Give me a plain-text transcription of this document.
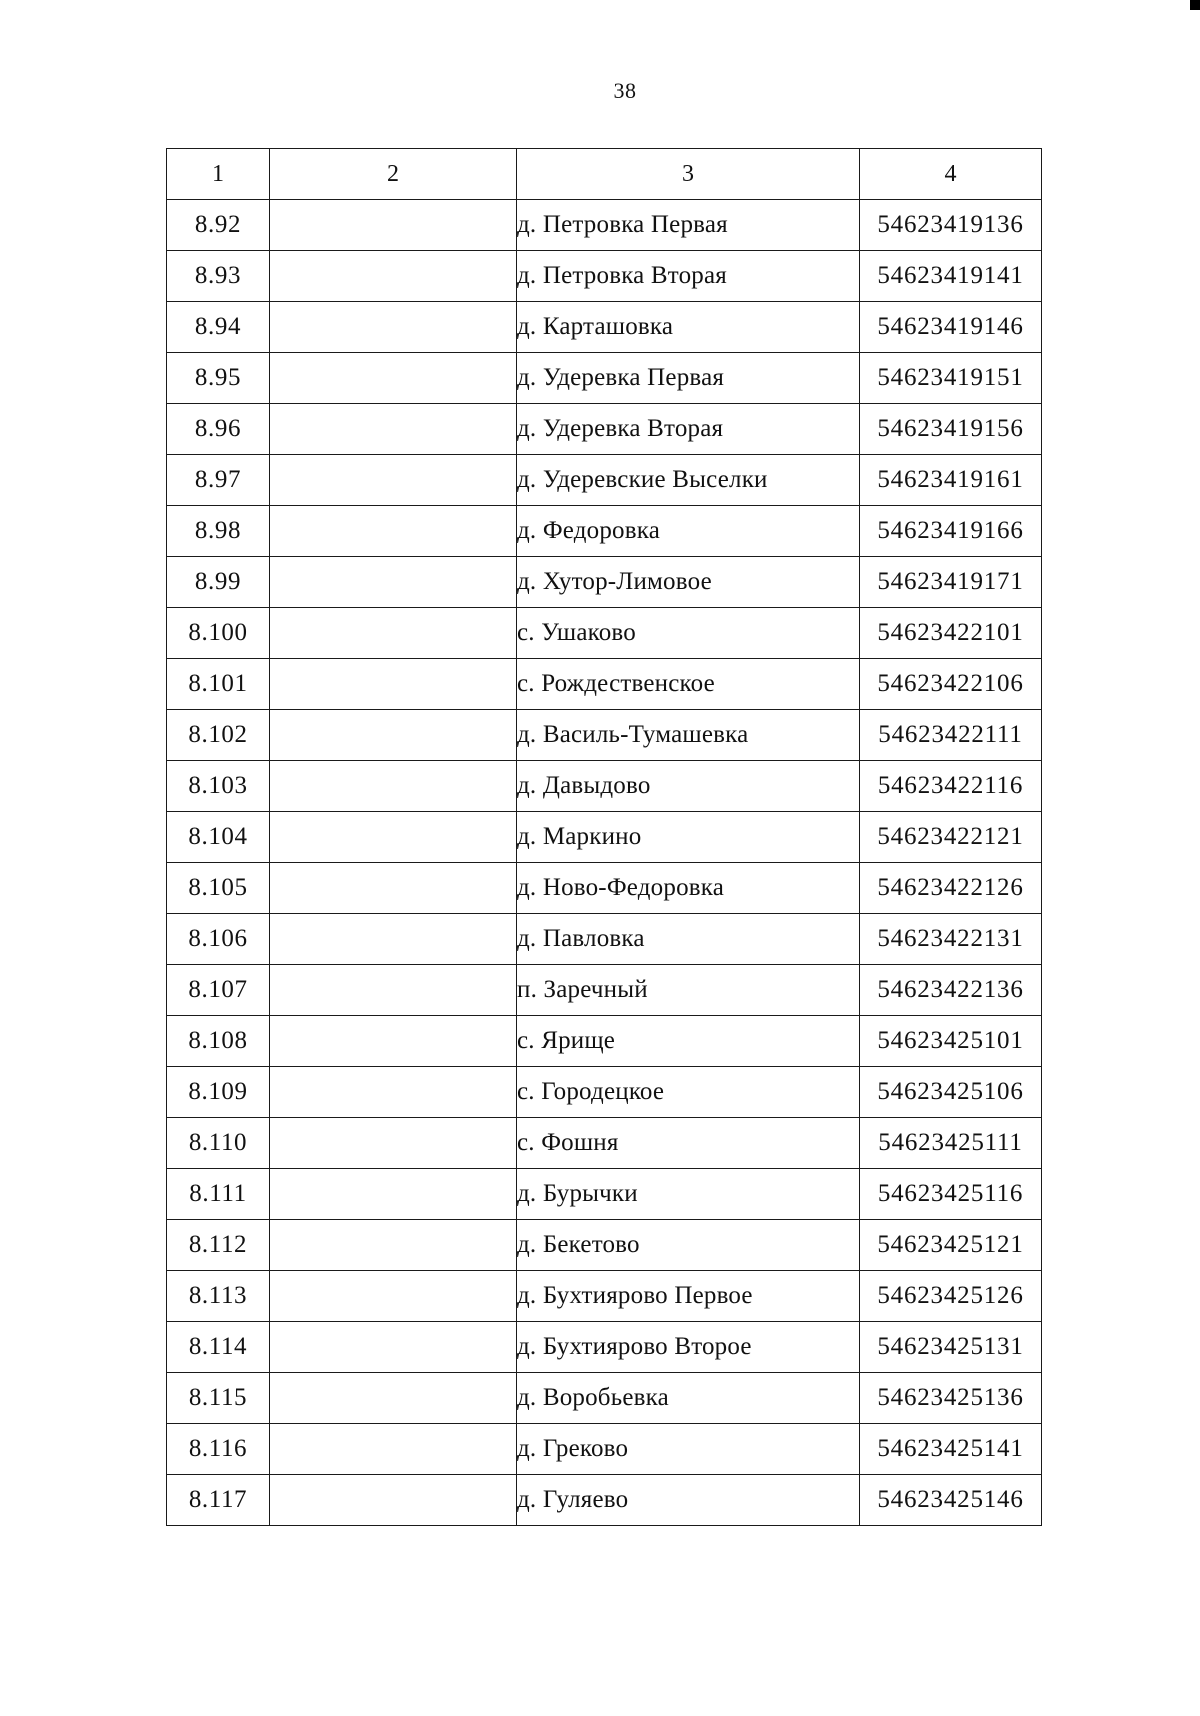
38
1	2	3	4
8.92		д. Петровка Первая	54623419136
8.93		д. Петровка Вторая	54623419141
8.94		д. Карташовка	54623419146
8.95		д. Удеревка Первая	54623419151
8.96		д. Удеревка Вторая	54623419156
8.97		д. Удеревские Выселки	54623419161
8.98		д. Федоровка	54623419166
8.99		д. Хутор-Лимовое	54623419171
8.100		с. Ушаково	54623422101
8.101		с. Рождественское	54623422106
8.102		д. Василь-Тумашевка	54623422111
8.103		д. Давыдово	54623422116
8.104		д. Маркино	54623422121
8.105		д. Ново-Федоровка	54623422126
8.106		д. Павловка	54623422131
8.107		п. Заречный	54623422136
8.108		с. Ярище	54623425101
8.109		с. Городецкое	54623425106
8.110		с. Фошня	54623425111
8.111		д. Бурычки	54623425116
8.112		д. Бекетово	54623425121
8.113		д. Бухтиярово Первое	54623425126
8.114		д. Бухтиярово Второе	54623425131
8.115		д. Воробьевка	54623425136
8.116		д. Греково	54623425141
8.117		д. Гуляево	54623425146
